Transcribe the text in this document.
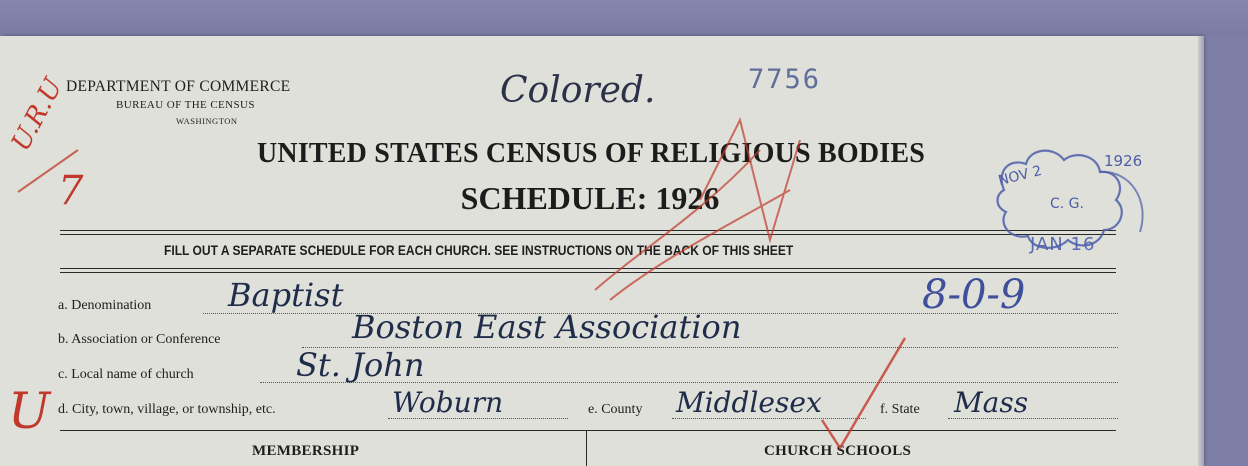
DEPARTMENT OF COMMERCE
BUREAU OF THE CENSUS
WASHINGTON
Colored.	7756
UNITED STATES CENSUS OF RELIGIOUS BODIES
SCHEDULE: 1926
FILL OUT A SEPARATE SCHEDULE FOR EACH CHURCH. SEE INSTRUCTIONS ON THE BACK OF THIS SHEET
a. Denomination Baptist
b. Association or Conference	Boston East Association
c. Local name of church	St. John
d. City, town, village, or township, etc.	Woburn	e. County Middlesex	f. State Mass
MEMBERSHIP	CHURCH SCHOOLS
U.R.U
7
U
8-0-9
NOV 2
1926
C. G.
JAN 16
